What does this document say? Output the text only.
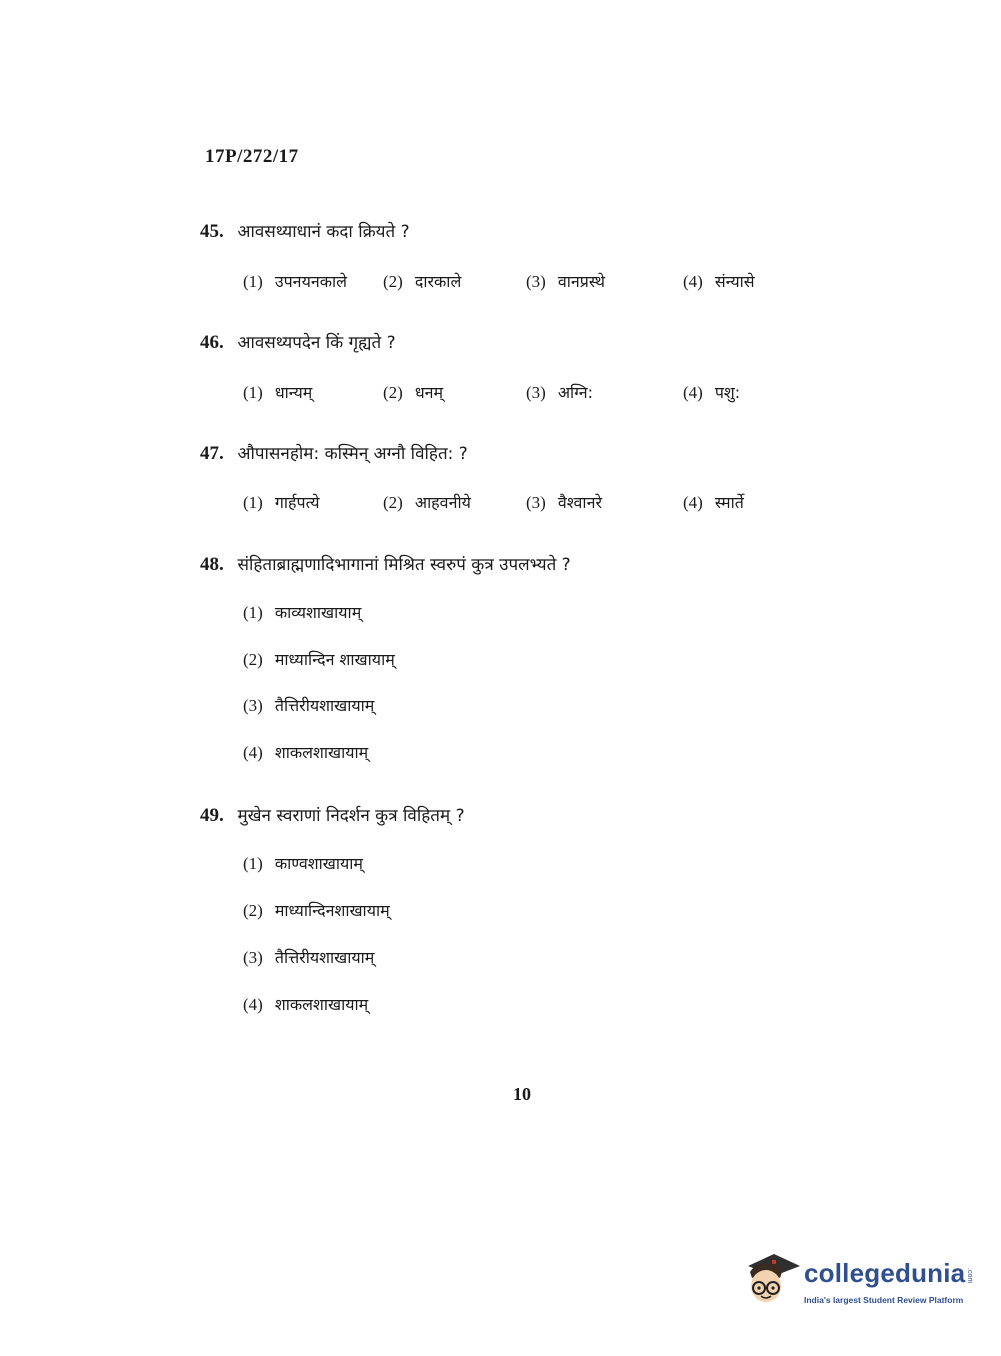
17P/272/17
45. आवसथ्याधानं कदा क्रियते ?
(1) उपनयनकाले (2) दारकाले	(3) वानप्रस्थे	(4) संन्यासे
46. आवसथ्यपदेन किं गृह्यते ?
(1) धान्यम्	(2) धनम्	(3) अग्नि:	(4) पशु:
47. औपासनहोम: कस्मिन् अग्नौ विहित: ?
(1) गार्हपत्ये	(2) आहवनीये	(3) वैश्वानरे	(4) स्मार्ते
48. संहिताब्राह्मणादिभागानां मिश्रित स्वरुपं कुत्र उपलभ्यते ?
(1) काव्यशाखायाम्
(2) माध्यान्दिन शाखायाम्
(3) तैत्तिरीयशाखायाम्
(4) शाकलशाखायाम्
49. मुखेन स्वराणां निदर्शन कुत्र विहितम् ?
(1) काण्वशाखायाम्
(2) माध्यान्दिनशाखायाम्
(3) तैत्तिरीयशाखायाम्
(4) शाकलशाखायाम्
10
collegedunia .com
India's largest Student Review Platform
